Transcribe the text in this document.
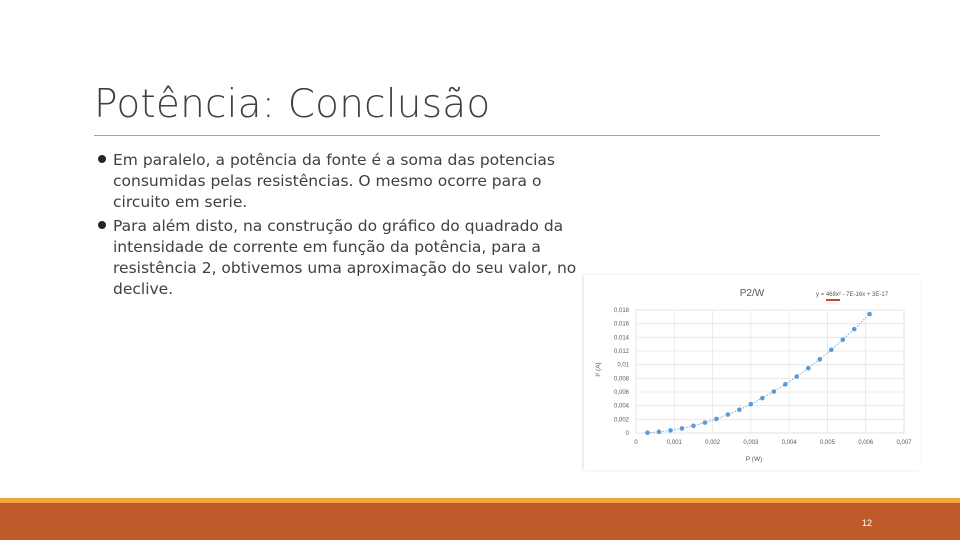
Potência: Conclusão
Em paralelo, a potência da fonte é a soma das potencias consumidas pelas resistências. O mesmo ocorre para o circuito em serie.
Para além disto, na construção do gráfico do quadrado da intensidade de corrente em função da potência, para a resistência 2, obtivemos uma aproximação do seu valor, no declive.	P2/W	y = 468x² - 7E-16x + 3E-17
0
0,002
0,004
0,006
0,008
0,01
0,012
0,014
0,016
0,018
0	0,001	0,002	0,003	0,004	0,005	0,006	0,007
P (W)
I² (A)
12
